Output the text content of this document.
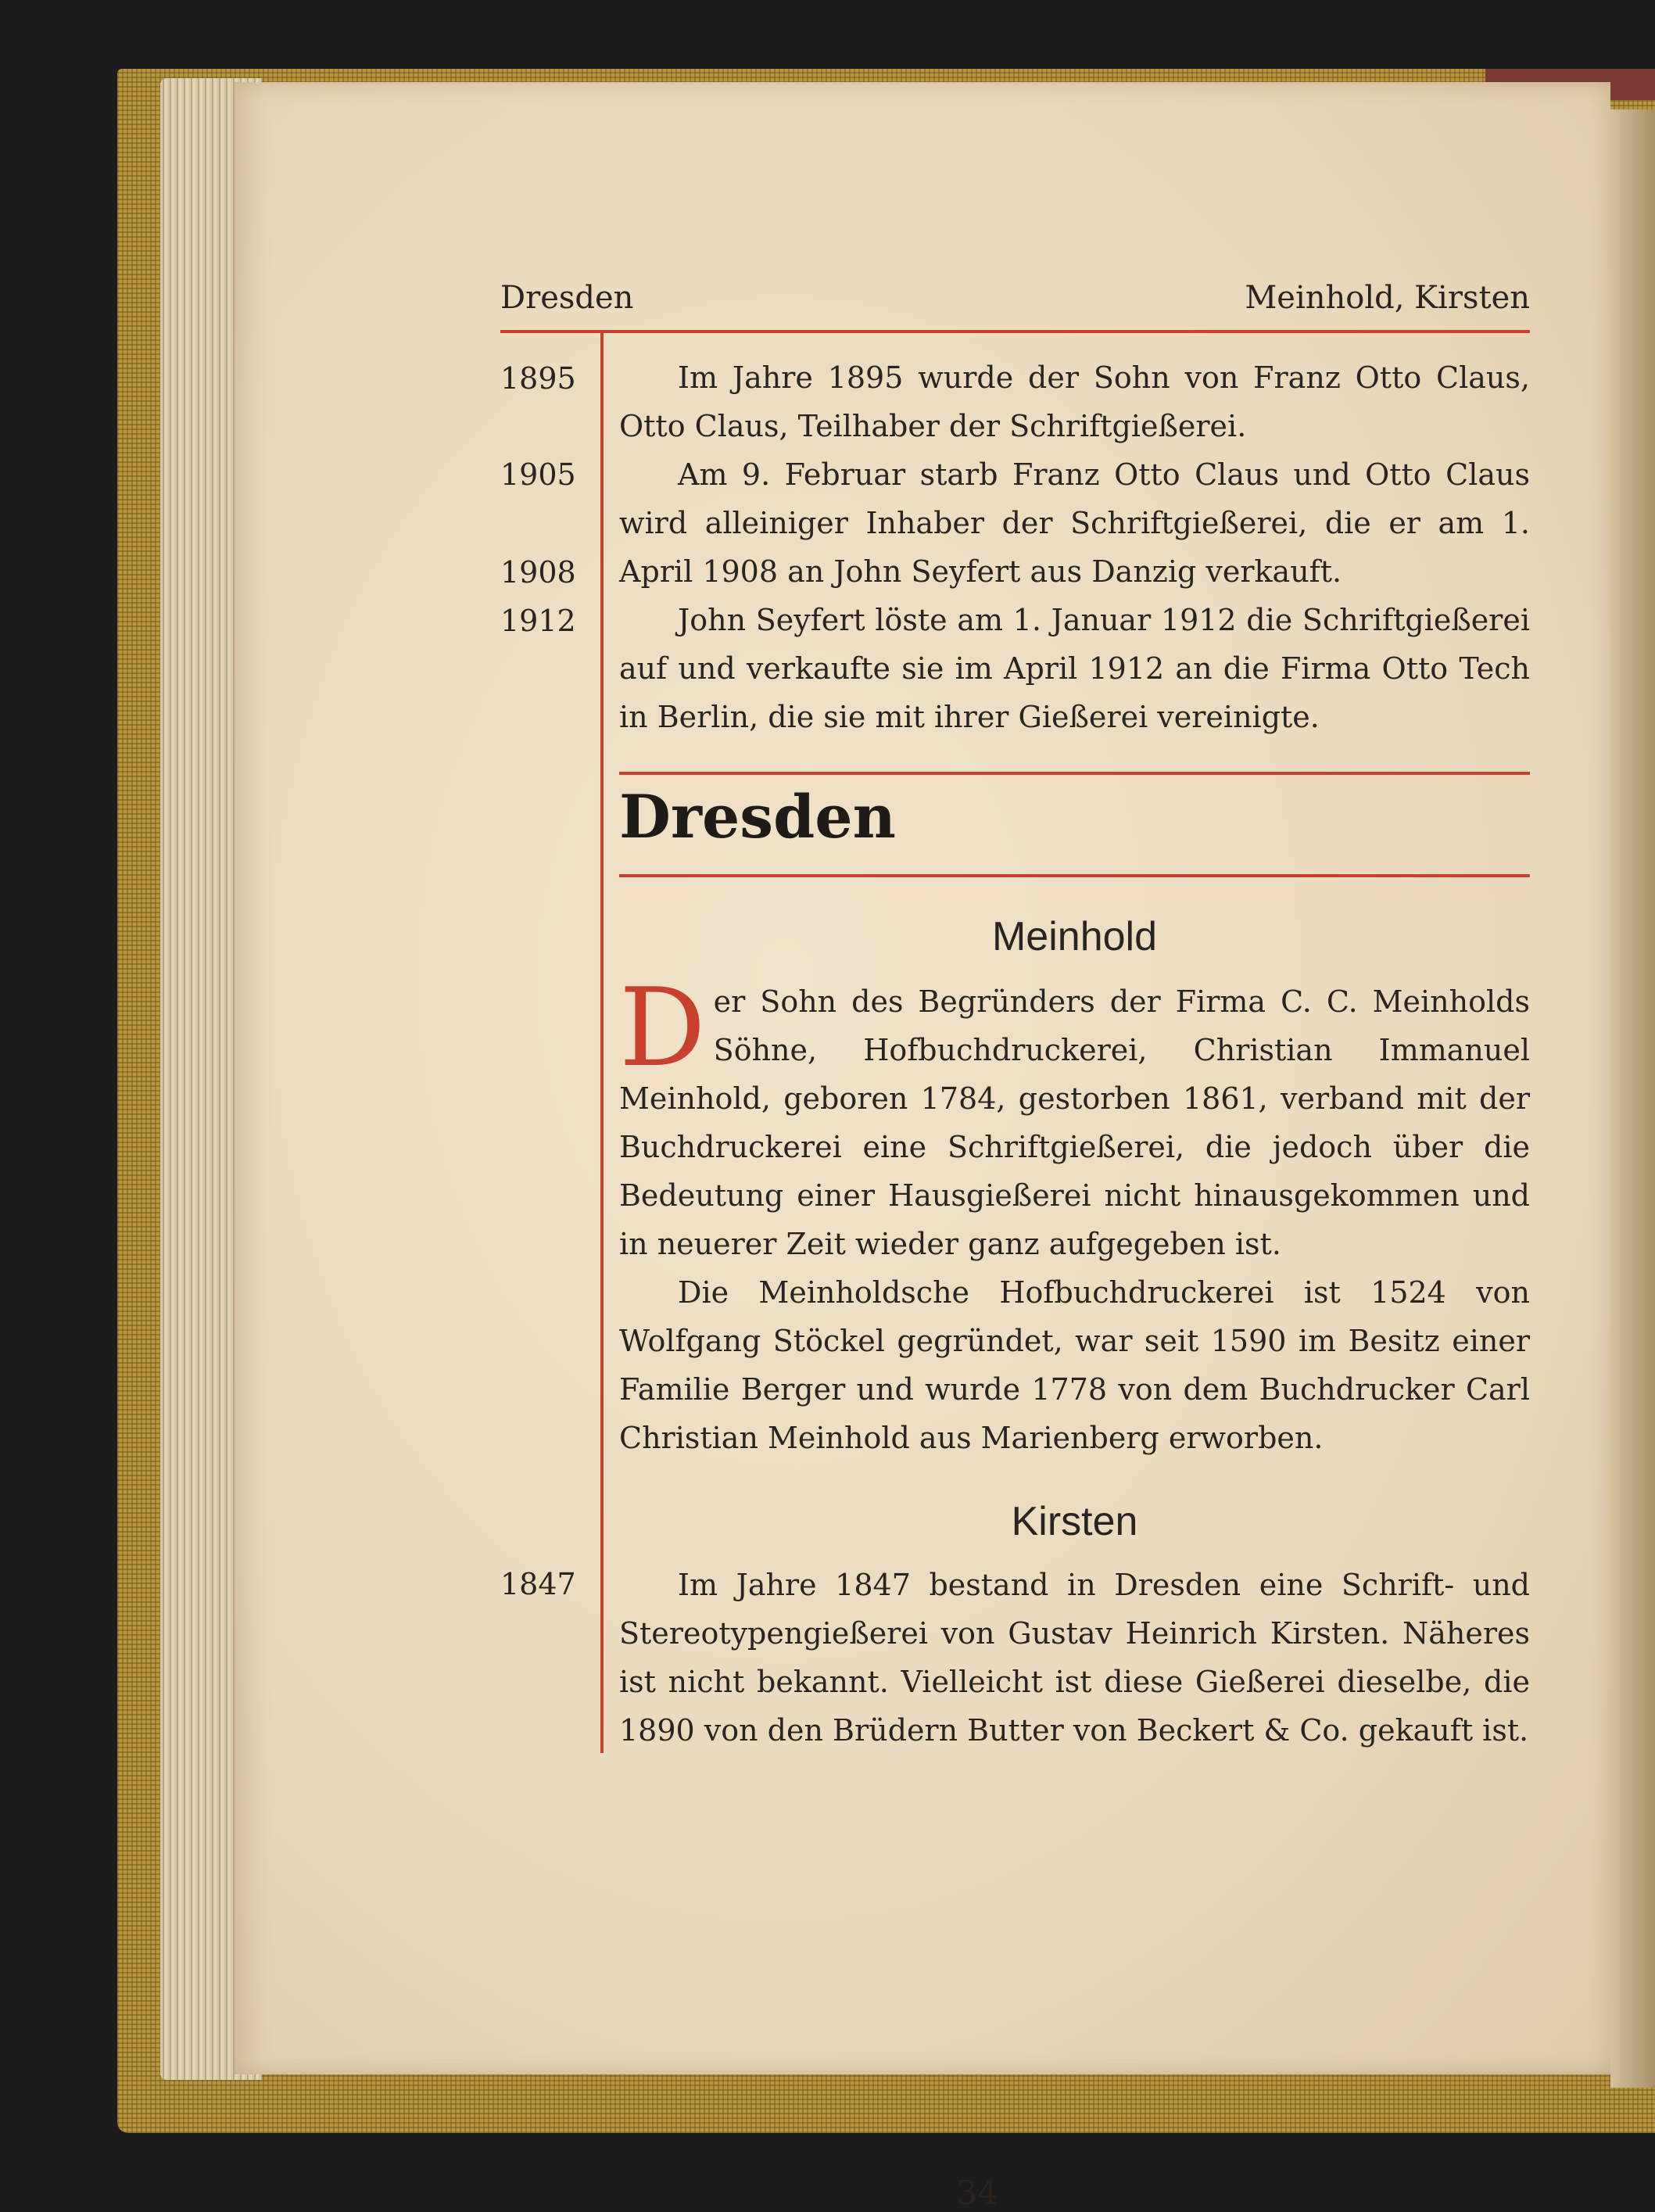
Dresden	Meinhold, Kirsten
1895
1905
1908
1912
1847

Im Jahre 1895 wurde der Sohn von Franz Otto Claus, Otto Claus, Teilhaber der Schriftgießerei.

Am 9. Februar starb Franz Otto Claus und Otto Claus wird alleiniger Inhaber der Schriftgießerei, die er am 1. April 1908 an John Seyfert aus Danzig verkauft.

John Seyfert löste am 1. Januar 1912 die Schriftgießerei auf und verkaufte sie im April 1912 an die Firma Otto Tech in Berlin, die sie mit ihrer Gießerei vereinigte.

Dresden
Meinhold

Der Sohn des Begründers der Firma C. C. Meinholds Söhne, Hofbuchdruckerei, Christian Immanuel Meinhold, geboren 1784, gestorben 1861, verband mit der Buchdruckerei eine Schriftgießerei, die jedoch über die Bedeutung einer Hausgießerei nicht hinausgekommen und in neuerer Zeit wieder ganz aufgegeben ist.

Die Meinholdsche Hofbuchdruckerei ist 1524 von Wolfgang Stöckel gegründet, war seit 1590 im Besitz einer Familie Berger und wurde 1778 von dem Buchdrucker Carl Christian Meinhold aus Marienberg erworben.

Kirsten

Im Jahre 1847 bestand in Dresden eine Schrift- und Stereotypengießerei von Gustav Heinrich Kirsten. Näheres ist nicht bekannt. Vielleicht ist diese Gießerei dieselbe, die 1890 von den Brüdern Butter von Beckert & Co. gekauft ist.

34
